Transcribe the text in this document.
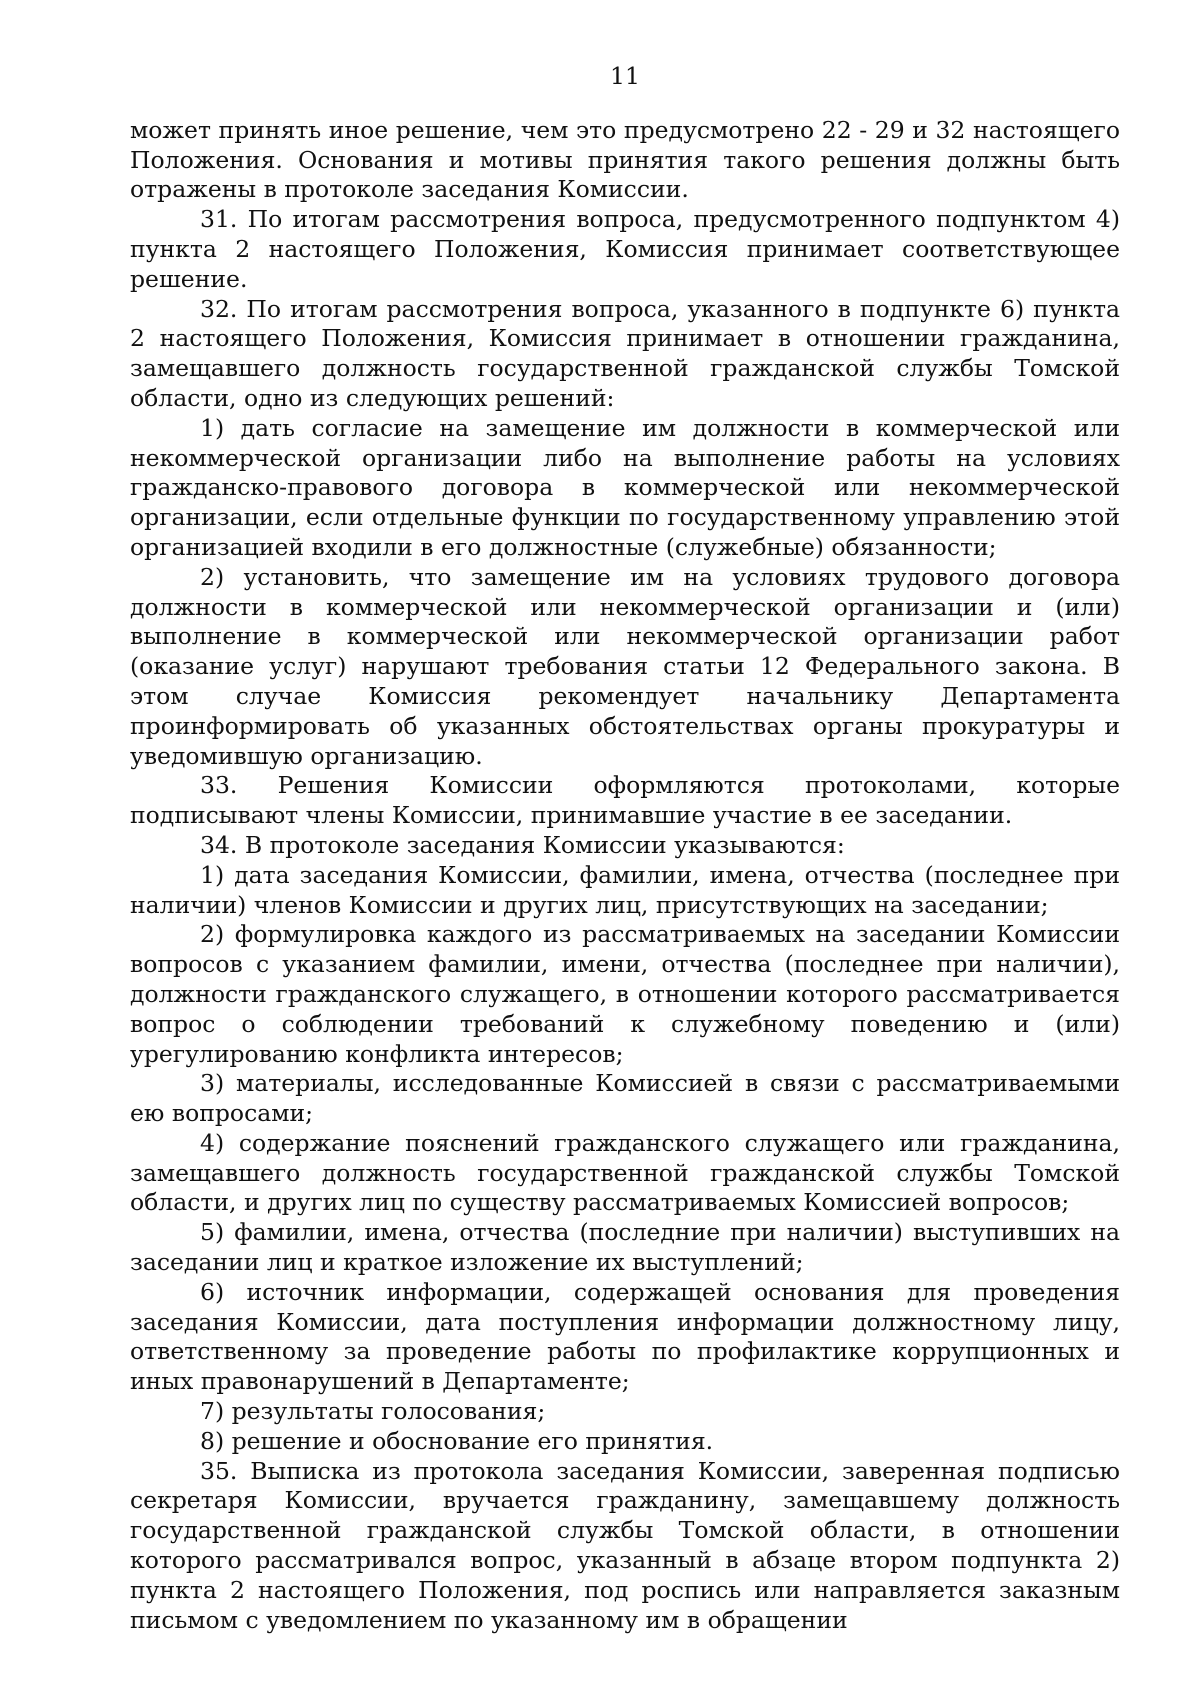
11

может принять иное решение, чем это предусмотрено 22 - 29 и 32 настоящего Положения. Основания и мотивы принятия такого решения должны быть отражены в протоколе заседания Комиссии.

31. По итогам рассмотрения вопроса, предусмотренного подпунктом 4) пункта 2 настоящего Положения, Комиссия принимает соответствующее решение.

32. По итогам рассмотрения вопроса, указанного в подпункте 6) пункта 2 настоящего Положения, Комиссия принимает в отношении гражданина, замещавшего должность государственной гражданской службы Томской области, одно из следующих решений:

1) дать согласие на замещение им должности в коммерческой или некоммерческой организации либо на выполнение работы на условиях гражданско-правового договора в коммерческой или некоммерческой организации, если отдельные функции по государственному управлению этой организацией входили в его должностные (служебные) обязанности;

2) установить, что замещение им на условиях трудового договора должности в коммерческой или некоммерческой организации и (или) выполнение в коммерческой или некоммерческой организации работ (оказание услуг) нарушают требования статьи 12 Федерального закона. В этом случае Комиссия рекомендует начальнику Департамента проинформировать об указанных обстоятельствах органы прокуратуры и уведомившую организацию.

33. Решения Комиссии оформляются протоколами, которые подписывают члены Комиссии, принимавшие участие в ее заседании.

34. В протоколе заседания Комиссии указываются:

1) дата заседания Комиссии, фамилии, имена, отчества (последнее при наличии) членов Комиссии и других лиц, присутствующих на заседании;

2) формулировка каждого из рассматриваемых на заседании Комиссии вопросов с указанием фамилии, имени, отчества (последнее при наличии), должности гражданского служащего, в отношении которого рассматривается вопрос о соблюдении требований к служебному поведению и (или) урегулированию конфликта интересов;

3) материалы, исследованные Комиссией в связи с рассматриваемыми ею вопросами;

4) содержание пояснений гражданского служащего или гражданина, замещавшего должность государственной гражданской службы Томской области, и других лиц по существу рассматриваемых Комиссией вопросов;

5) фамилии, имена, отчества (последние при наличии) выступивших на заседании лиц и краткое изложение их выступлений;

6) источник информации, содержащей основания для проведения заседания Комиссии, дата поступления информации должностному лицу, ответственному за проведение работы по профилактике коррупционных и иных правонарушений в Департаменте;

7) результаты голосования;

8) решение и обоснование его принятия.

35. Выписка из протокола заседания Комиссии, заверенная подписью секретаря Комиссии, вручается гражданину, замещавшему должность государственной гражданской службы Томской области, в отношении которого рассматривался вопрос, указанный в абзаце втором подпункта 2) пункта 2 настоящего Положения, под роспись или направляется заказным письмом с уведомлением по указанному им в обращении
